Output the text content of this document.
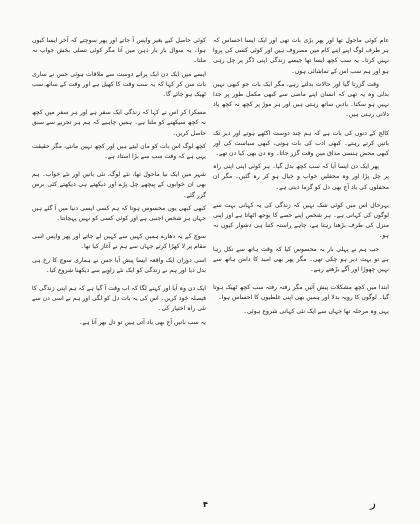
عام کوئی ماحول تھا اور پھر بڑی بات تھی اور ایک ایسا احساس کہ ہر طرف لوگ اپنے اپنے کام میں مصروف ہیں اور کوئی کسی کی پروا نہیں کرتا۔ یہ سب کچھ ایسا تھا جیسے زندگی اپنی ڈگر پر چل رہی ہو اور ہم سب اس کے تماشائی ہوں۔

وقت گزرتا گیا اور حالات بدلتے رہے، مگر ایک بات جو کبھی نہیں بدلی وہ یہ تھی کہ انسان اپنے ماضی سے کبھی مکمل طور پر جدا نہیں ہو سکتا۔ یادیں ساتھ رہتی ہیں اور ہر موڑ پر کچھ نہ کچھ یاد دلاتی رہتی ہیں۔

کالج کے دنوں کی بات ہے کہ ہم چند دوست اکٹھے ہوتے اور دیر تک باتیں کرتے رہتے۔ کبھی ادب کی بات ہوتی، کبھی سیاست کی اور کبھی محض ہنسی مذاق میں وقت گزر جاتا۔ وہ دن بھی کیا دن تھے۔

پھر ایک دن ایسا آیا کہ سب کچھ بدل گیا۔ ہر کوئی اپنی اپنی راہ پر چل پڑا اور وہ محفلیں خواب و خیال ہو کر رہ گئیں۔ مگر ان محفلوں کی یاد آج بھی دل کو گرما دیتی ہے۔

بہرحال اس میں کوئی شک نہیں کہ زندگی کی یہ کہانی بہت سے لوگوں کی کہانی ہے۔ ہر شخص اپنے حصے کا بوجھ اٹھاتا ہے اور اپنی منزل کی طرف بڑھتا رہتا ہے، چاہے راستہ کتنا ہی دشوار کیوں نہ ہو۔

جب ہم نے پہلی بار یہ محسوس کیا کہ وقت ہاتھ سے نکل رہا ہے تو بہت دیر ہو چکی تھی۔ مگر پھر بھی امید کا دامن ہاتھ سے نہیں چھوڑا اور آگے بڑھتے رہے۔

ابتدا میں کچھ مشکلات پیش آئیں مگر رفتہ رفتہ سب کچھ ٹھیک ہوتا گیا۔ لوگوں کا رویہ بدلا اور ہمیں بھی اپنی غلطیوں کا احساس ہوا۔

یہی وہ مرحلہ تھا جہاں سے ایک نئی کہانی شروع ہوئی۔

کوئی حاصل کیے بغیر واپس آ جاتے اور پھر سوچتے کہ آخر ایسا کیوں ہوا۔ یہ سوال بار بار ذہن میں آتا مگر کوئی تسلی بخش جواب نہ ملتا۔

ایسے میں ایک دن ایک پرانے دوست سے ملاقات ہوئی جس نے ساری بات سن کر کہا کہ یہ سب وقت کا کھیل ہے اور وقت کے ساتھ سب ٹھیک ہو جائے گا۔

مسکرا کر اس نے کہا کہ زندگی ایک سفر ہے اور ہر سفر میں کچھ نہ کچھ سیکھنے کو ملتا ہے۔ ہمیں چاہیے کہ ہم ہر تجربے سے سبق حاصل کریں۔

کچھ لوگ اس بات کو مان لیتے ہیں اور کچھ نہیں مانتے، مگر حقیقت یہی ہے کہ وقت سب سے بڑا استاد ہے۔

شہر میں ایک نیا ماحول تھا، نئے لوگ، نئی باتیں اور نئے خواب۔ ہم بھی ان خوابوں کے پیچھے چل پڑے اور دیکھتے ہی دیکھتے کئی برس گزر گئے۔

کبھی کبھی یوں محسوس ہوتا کہ ہم کسی ایسی دنیا میں آ گئے ہیں جہاں ہر شخص اجنبی ہے اور کوئی کسی کو نہیں پہچانتا۔

سوچ کے یہ دھارے ہمیں کہیں سے کہیں لے جاتے اور پھر واپس اسی مقام پر لا کھڑا کرتے جہاں سے ہم نے آغاز کیا تھا۔

اسی دوران ایک واقعہ ایسا پیش آیا جس نے ہماری سوچ کا رخ ہی بدل دیا اور ہم نے زندگی کو ایک نئے زاویے سے دیکھنا شروع کیا۔

ایک دن وہ آیا اور کہنے لگا کہ اب وقت آ گیا ہے کہ ہم اپنی زندگی کا فیصلہ خود کریں۔ اس کی یہ بات دل کو لگی اور ہم نے اسی دن سے نئی راہ اختیار کی۔

یہ سب باتیں آج بھی یاد آتی ہیں تو دل بھر آتا ہے۔

۴	ر
